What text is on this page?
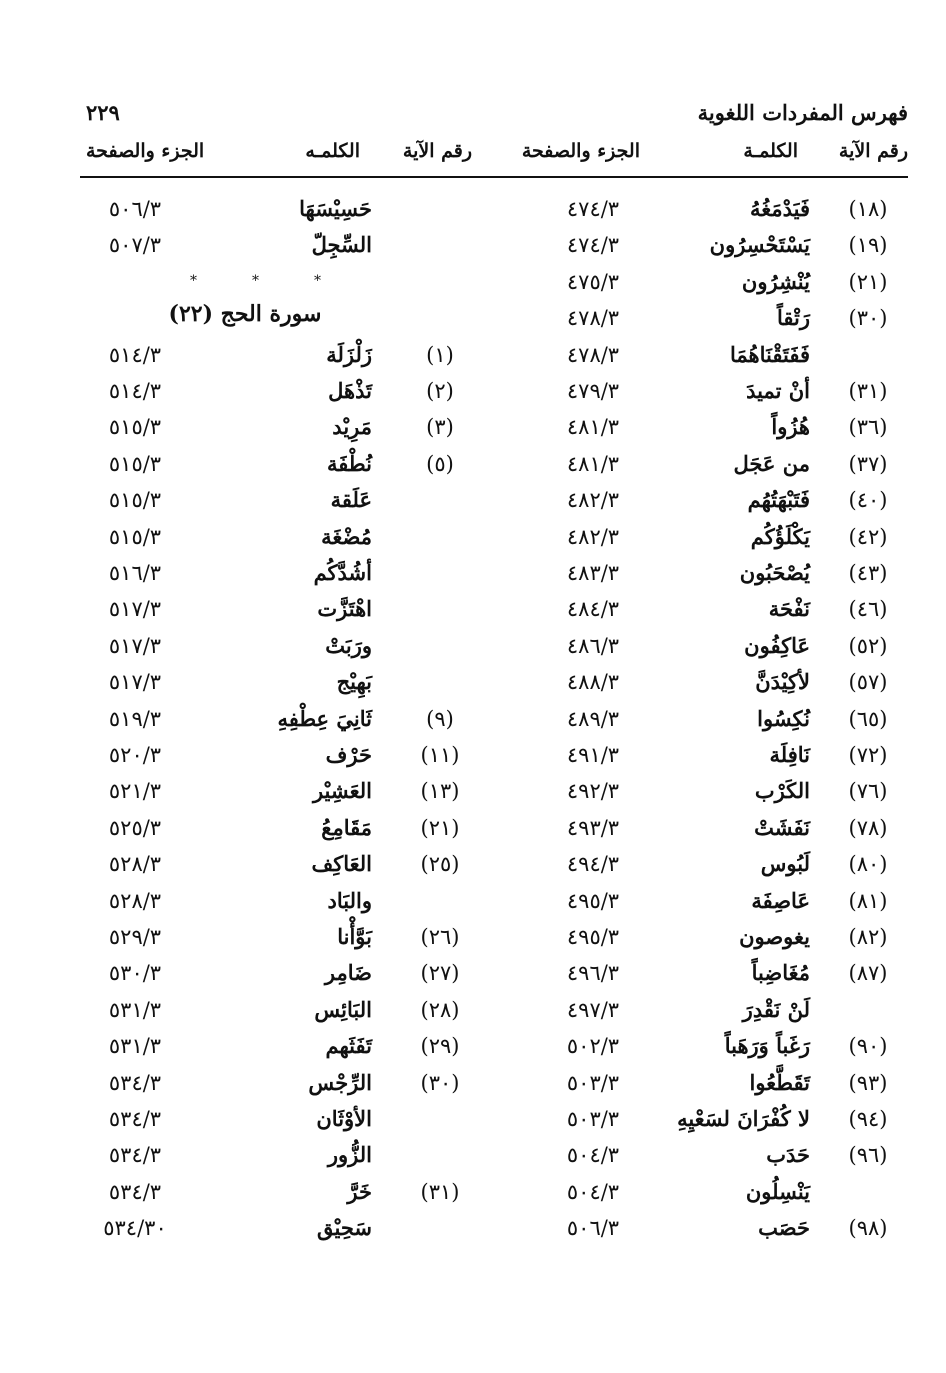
فهرس المفردات اللغوية
٢٢٩
رقم الآية
الكلمـة
الجزء والصفحة
رقم الآية
الكلمـه
الجزء والصفحة
(١٨)
فَيَدْمَغُهُ
٤٧٤/٣
(١٩)
يَسْتَحْسِرُون
٤٧٤/٣
(٢١)
يُنْشِرُون
٤٧٥/٣
(٣٠)
رَتْقاً
٤٧٨/٣
فَفَتَقْنَاهُمَا
٤٧٨/٣
(٣١)
أنْ تميدَ
٤٧٩/٣
(٣٦)
هُزُواً
٤٨١/٣
(٣٧)
من عَجَل
٤٨١/٣
(٤٠)
فَتَبْهَتُهُم
٤٨٢/٣
(٤٢)
يَكْلَؤُكُم
٤٨٢/٣
(٤٣)
يُصْحَبُون
٤٨٣/٣
(٤٦)
نَفْحَة
٤٨٤/٣
(٥٢)
عَاكِفُون
٤٨٦/٣
(٥٧)
لأكِيْدَنَّ
٤٨٨/٣
(٦٥)
نُكِسُوا
٤٨٩/٣
(٧٢)
نَافِلَة
٤٩١/٣
(٧٦)
الكَرْب
٤٩٢/٣
(٧٨)
نَفَشَتْ
٤٩٣/٣
(٨٠)
لَبُوس
٤٩٤/٣
(٨١)
عَاصِفَة
٤٩٥/٣
(٨٢)
يغوصون
٤٩٥/٣
(٨٧)
مُغَاضِباً
٤٩٦/٣
لَنْ نَقْدِرَ
٤٩٧/٣
(٩٠)
رَغَباً وَرَهَباً
٥٠٢/٣
(٩٣)
تَقَطَّعُوا
٥٠٣/٣
(٩٤)
لا كُفْرَانَ لسَعْيِهِ
٥٠٣/٣
(٩٦)
حَدَب
٥٠٤/٣
يَنْسِلُون
٥٠٤/٣
(٩٨)
حَصَب
٥٠٦/٣
حَسِيْسَهَا
٥٠٦/٣
السِّجِلّ
٥٠٧/٣
*	*	*
سورة الحج (٢٢)
(١)
زَلْزَلَة
٥١٤/٣
(٢)
تَذْهَل
٥١٤/٣
(٣)
مَرِيْد
٥١٥/٣
(٥)
نُطْفَة
٥١٥/٣
عَلَقة
٥١٥/٣
مُضْغَة
٥١٥/٣
أشُدَّكُم
٥١٦/٣
اهْتَزَّت
٥١٧/٣
ورَبَتْ
٥١٧/٣
بَهِيْج
٥١٧/٣
(٩)
ثَانِيَ عِطْفِهِ
٥١٩/٣
(١١)
حَرْف
٥٢٠/٣
(١٣)
العَشِيْر
٥٢١/٣
(٢١)
مَقَامِعُ
٥٢٥/٣
(٢٥)
العَاكِف
٥٢٨/٣
والبَاد
٥٢٨/٣
(٢٦)
بَوَّأْنا
٥٢٩/٣
(٢٧)
ضَامِر
٥٣٠/٣
(٢٨)
البَائِس
٥٣١/٣
(٢٩)
تَفَثَهم
٥٣١/٣
(٣٠)
الرِّجْس
٥٣٤/٣
الأوْثَان
٥٣٤/٣
الزُّور
٥٣٤/٣
(٣١)
خَرَّ
٥٣٤/٣
سَحِيْق
٥٣٤/٣٠
